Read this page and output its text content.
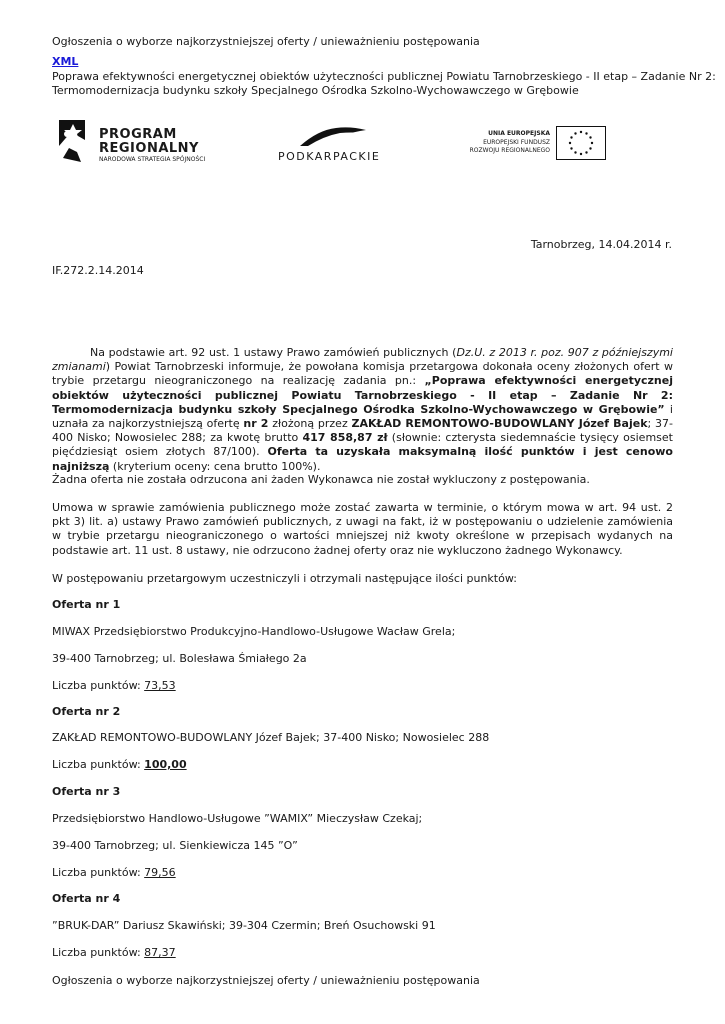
Ogłoszenia o wyborze najkorzystniejszej oferty / unieważnieniu postępowania
XML
Poprawa efektywności energetycznej obiektów użyteczności publicznej Powiatu Tarnobrzeskiego - II etap – Zadanie Nr 2:
Termomodernizacja budynku szkoły Specjalnego Ośrodka Szkolno-Wychowawczego w Grębowie
PROGRAM
REGIONALNY
NARODOWA STRATEGIA SPÓJNOŚCI	PODKARPACKIE
UNIA EUROPEJSKA
EUROPEJSKI FUNDUSZ
ROZWOJU REGIONALNEGO
Tarnobrzeg, 14.04.2014 r.
IF.272.2.14.2014
Na podstawie art. 92 ust. 1 ustawy Prawo zamówień publicznych (Dz.U. z 2013 r. poz. 907 z późniejszymi zmianami) Powiat Tarnobrzeski informuje, że powołana komisja przetargowa dokonała oceny złożonych ofert w trybie przetargu nieograniczonego na realizację zadania pn.: „Poprawa efektywności energetycznej obiektów użyteczności publicznej Powiatu Tarnobrzeskiego - II etap – Zadanie Nr 2: Termomodernizacja budynku szkoły Specjalnego Ośrodka Szkolno-Wychowawczego w Grębowie” i uznała za najkorzystniejszą ofertę nr 2 złożoną przez ZAKŁAD REMONTOWO-BUDOWLANY Józef Bajek; 37-400 Nisko; Nowosielec 288; za kwotę brutto 417 858,87 zł (słownie: czterysta siedemnaście tysięcy osiemset pięćdziesiąt osiem złotych 87/100). Oferta ta uzyskała maksymalną ilość punktów i jest cenowo najniższą (kryterium oceny: cena brutto 100%).
Żadna oferta nie została odrzucona ani żaden Wykonawca nie został wykluczony z postępowania.
Umowa w sprawie zamówienia publicznego może zostać zawarta w terminie, o którym mowa w art. 94 ust. 2 pkt 3) lit. a) ustawy Prawo zamówień publicznych, z uwagi na fakt, iż w postępowaniu o udzielenie zamówienia w trybie przetargu nieograniczonego o wartości mniejszej niż kwoty określone w przepisach wydanych na podstawie art. 11 ust. 8 ustawy, nie odrzucono żadnej oferty oraz nie wykluczono żadnego Wykonawcy.
W postępowaniu przetargowym uczestniczyli i otrzymali następujące ilości punktów:
Oferta nr 1
MIWAX Przedsiębiorstwo Produkcyjno-Handlowo-Usługowe Wacław Grela;
39-400 Tarnobrzeg; ul. Bolesława Śmiałego 2a
Liczba punktów: 73,53
Oferta nr 2
ZAKŁAD REMONTOWO-BUDOWLANY Józef Bajek; 37-400 Nisko; Nowosielec 288
Liczba punktów: 100,00
Oferta nr 3
Przedsiębiorstwo Handlowo-Usługowe ”WAMIX” Mieczysław Czekaj;
39-400 Tarnobrzeg; ul. Sienkiewicza 145 ”O”
Liczba punktów: 79,56
Oferta nr 4
”BRUK-DAR” Dariusz Skawiński; 39-304 Czermin; Breń Osuchowski 91
Liczba punktów: 87,37
Ogłoszenia o wyborze najkorzystniejszej oferty / unieważnieniu postępowania
